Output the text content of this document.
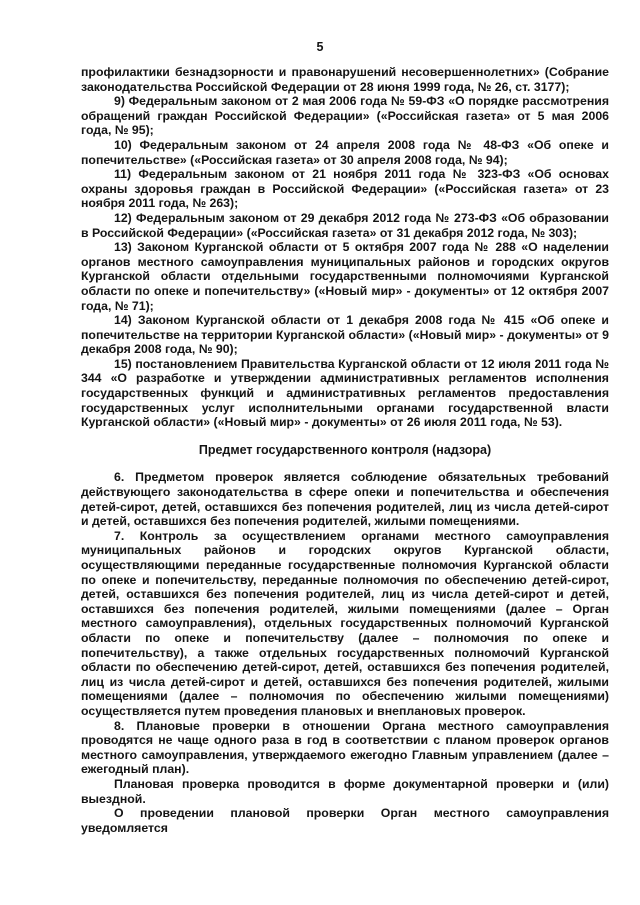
5

профилактики безнадзорности и правонарушений несовершеннолетних» (Собрание законодательства Российской Федерации от 28 июня 1999 года, № 26, ст. 3177);

9) Федеральным законом от 2 мая 2006 года № 59-ФЗ «О порядке рассмотрения обращений граждан Российской Федерации» («Российская газета» от 5 мая 2006 года, № 95);

10) Федеральным законом от 24 апреля 2008 года № 48-ФЗ «Об опеке и попечительстве» («Российская газета» от 30 апреля 2008 года, № 94);

11) Федеральным законом от 21 ноября 2011 года № 323-ФЗ «Об основах охраны здоровья граждан в Российской Федерации» («Российская газета» от 23 ноября 2011 года, № 263);

12) Федеральным законом от 29 декабря 2012 года № 273-ФЗ «Об образовании в Российской Федерации» («Российская газета» от 31 декабря 2012 года, № 303);

13) Законом Курганской области от 5 октября 2007 года № 288 «О наделении органов местного самоуправления муниципальных районов и городских округов Курганской области отдельными государственными полномочиями Курганской области по опеке и попечительству» («Новый мир» - документы» от 12 октября 2007 года, № 71);

14) Законом Курганской области от 1 декабря 2008 года № 415 «Об опеке и попечительстве на территории Курганской области» («Новый мир» - документы» от 9 декабря 2008 года, № 90);

15) постановлением Правительства Курганской области от 12 июля 2011 года № 344 «О разработке и утверждении административных регламентов исполнения государственных функций и административных регламентов предоставления государственных услуг исполнительными органами государственной власти Курганской области» («Новый мир» - документы» от 26 июля 2011 года, № 53).

Предмет государственного контроля (надзора)

6. Предметом проверок является соблюдение обязательных требований действующего законодательства в сфере опеки и попечительства и обеспечения детей-сирот, детей, оставшихся без попечения родителей, лиц из числа детей-сирот и детей, оставшихся без попечения родителей, жилыми помещениями.

7. Контроль за осуществлением органами местного самоуправления муниципальных районов и городских округов Курганской области, осуществляющими переданные государственные полномочия Курганской области по опеке и попечительству, переданные полномочия по обеспечению детей-сирот, детей, оставшихся без попечения родителей, лиц из числа детей-сирот и детей, оставшихся без попечения родителей, жилыми помещениями (далее – Орган местного самоуправления), отдельных государственных полномочий Курганской области по опеке и попечительству (далее – полномочия по опеке и попечительству), а также отдельных государственных полномочий Курганской области по обеспечению детей-сирот, детей, оставшихся без попечения родителей, лиц из числа детей-сирот и детей, оставшихся без попечения родителей, жилыми помещениями (далее – полномочия по обеспечению жилыми помещениями) осуществляется путем проведения плановых и внеплановых проверок.

8. Плановые проверки в отношении Органа местного самоуправления проводятся не чаще одного раза в год в соответствии с планом проверок органов местного самоуправления, утверждаемого ежегодно Главным управлением (далее – ежегодный план).

Плановая проверка проводится в форме документарной проверки и (или) выездной.

О проведении плановой проверки Орган местного самоуправления уведомляется
